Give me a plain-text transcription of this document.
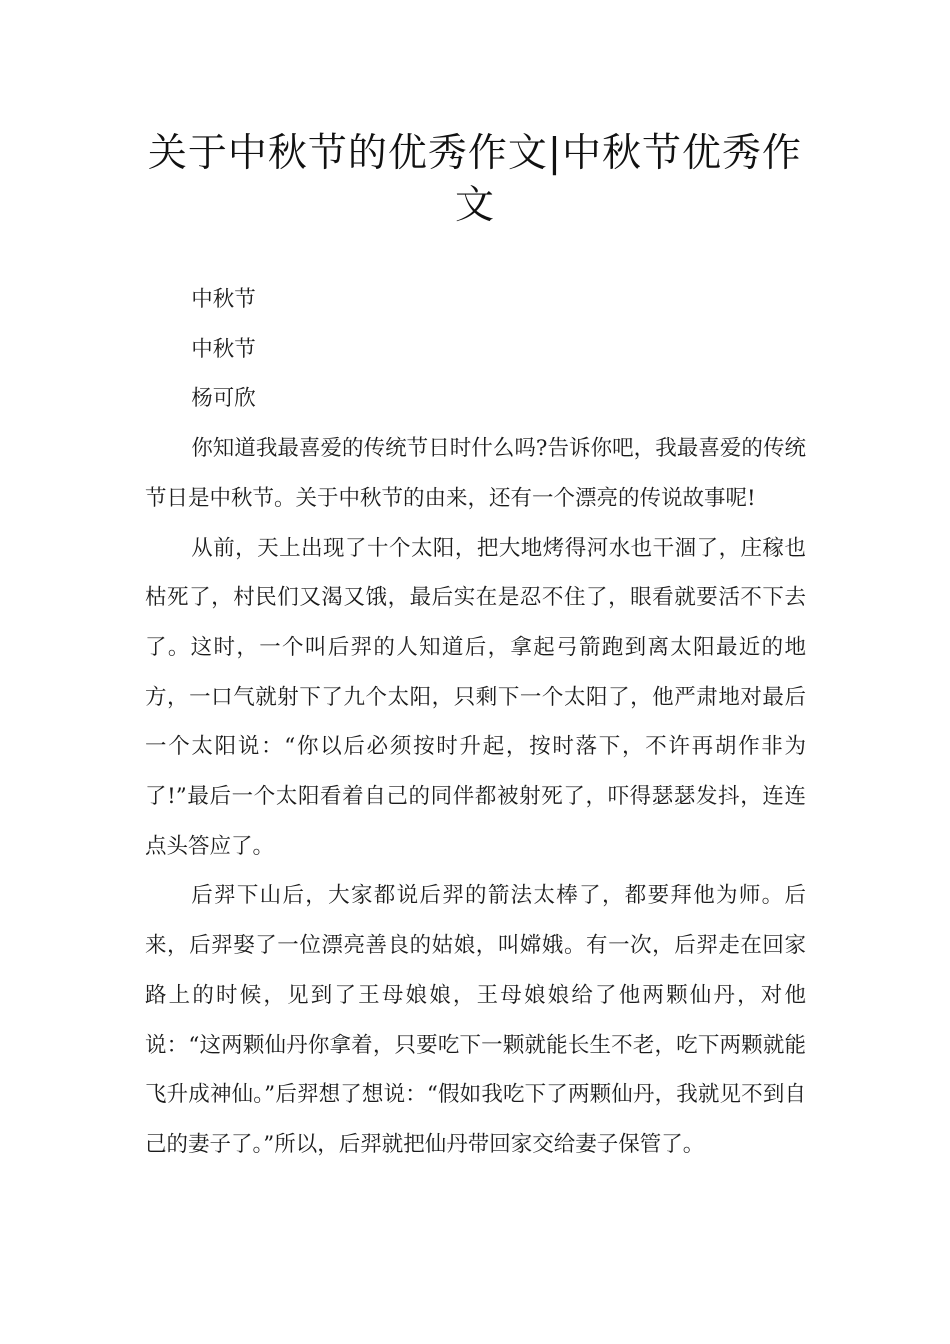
关于中秋节的优秀作文|中秋节优秀作文

中秋节

中秋节

杨可欣

你知道我最喜爱的传统节日时什么吗?告诉你吧，我最喜爱的传统节日是中秋节。关于中秋节的由来，还有一个漂亮的传说故事呢!

从前，天上出现了十个太阳，把大地烤得河水也干涸了，庄稼也枯死了，村民们又渴又饿，最后实在是忍不住了，眼看就要活不下去了。这时，一个叫后羿的人知道后，拿起弓箭跑到离太阳最近的地方，一口气就射下了九个太阳，只剩下一个太阳了，他严肃地对最后一个太阳说：“你以后必须按时升起，按时落下，不许再胡作非为了!”最后一个太阳看着自己的同伴都被射死了，吓得瑟瑟发抖，连连点头答应了。

后羿下山后，大家都说后羿的箭法太棒了，都要拜他为师。后来，后羿娶了一位漂亮善良的姑娘，叫嫦娥。有一次，后羿走在回家路上的时候，见到了王母娘娘，王母娘娘给了他两颗仙丹，对他说：“这两颗仙丹你拿着，只要吃下一颗就能长生不老，吃下两颗就能飞升成神仙。”后羿想了想说：“假如我吃下了两颗仙丹，我就见不到自己的妻子了。”所以，后羿就把仙丹带回家交给妻子保管了。
